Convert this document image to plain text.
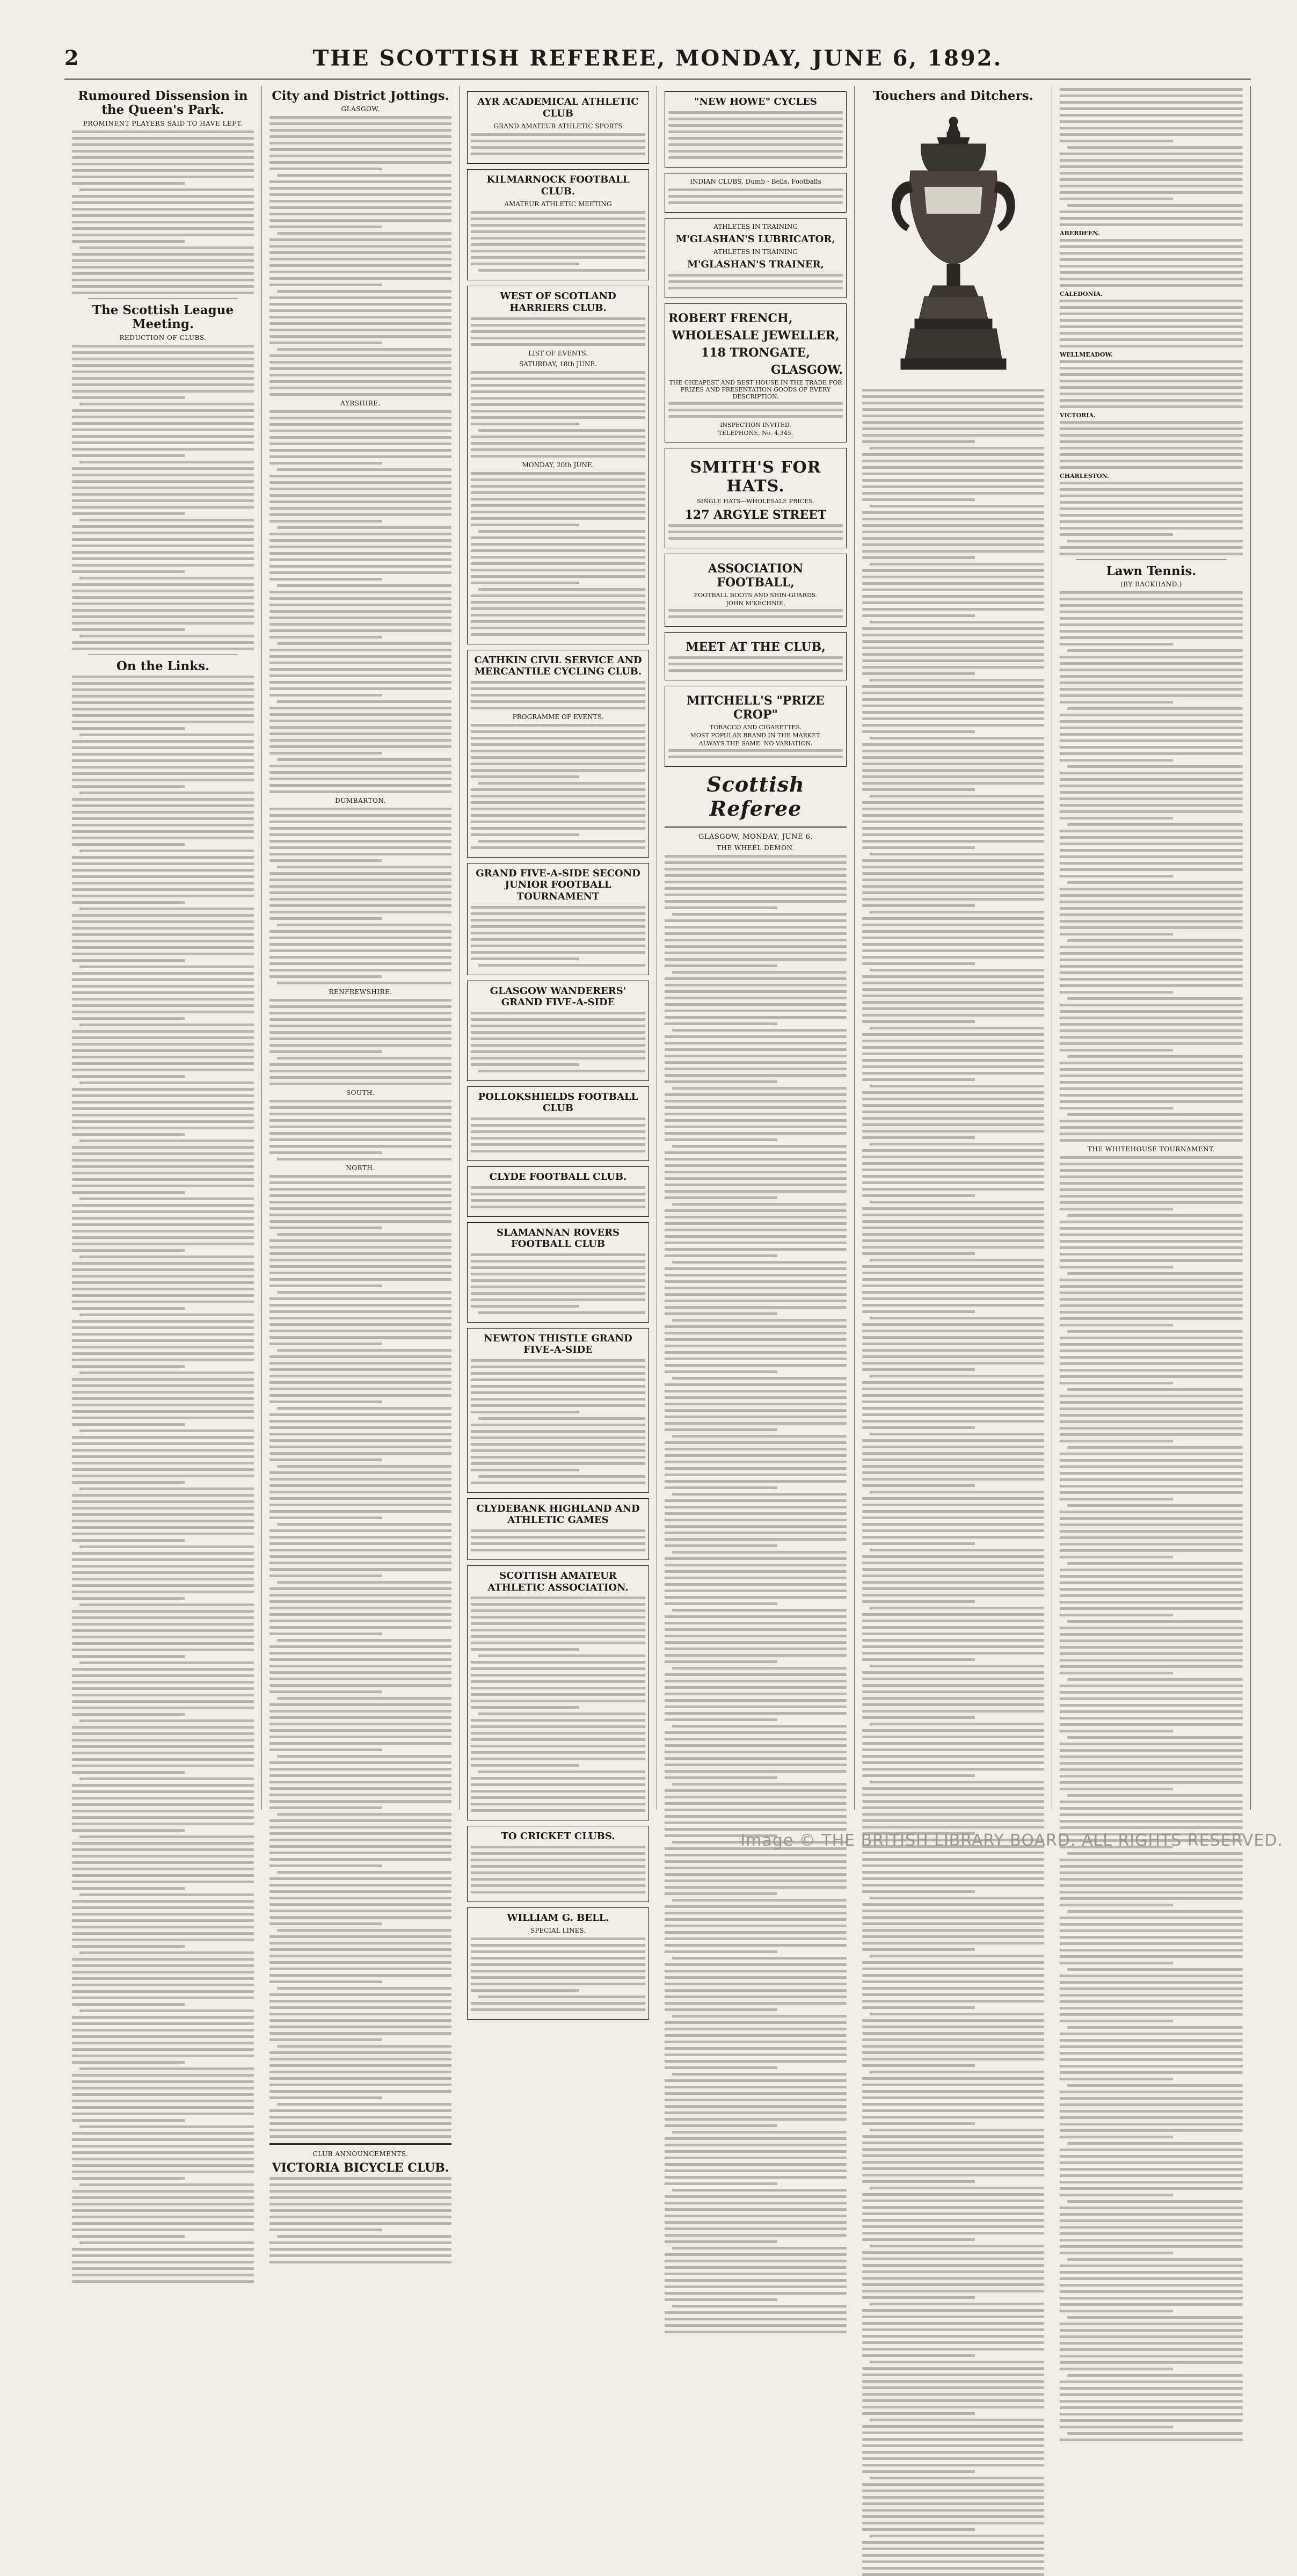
2	THE SCOTTISH REFEREE, MONDAY, JUNE 6, 1892.
Rumoured Dissension in the Queen's Park.
PROMINENT PLAYERS SAID TO HAVE LEFT.
The Scottish League Meeting.
REDUCTION OF CLUBS.
On the Links.
City and District Jottings.
GLASGOW.
AYRSHIRE.
DUMBARTON.
RENFREWSHIRE.
SOUTH.
NORTH.
CLUB ANNOUNCEMENTS.
VICTORIA BICYCLE CLUB.
AYR ACADEMICAL ATHLETIC CLUB
GRAND AMATEUR ATHLETIC SPORTS
KILMARNOCK FOOTBALL CLUB.
AMATEUR ATHLETIC MEETING
WEST OF SCOTLAND HARRIERS CLUB.
LIST OF EVENTS.
SATURDAY, 18th JUNE.
MONDAY, 20th JUNE.
CATHKIN CIVIL SERVICE AND MERCANTILE CYCLING CLUB.
PROGRAMME OF EVENTS.
GRAND FIVE-A-SIDE SECOND JUNIOR FOOTBALL TOURNAMENT
GLASGOW WANDERERS' GRAND FIVE-A-SIDE
POLLOKSHIELDS FOOTBALL CLUB
CLYDE FOOTBALL CLUB.
SLAMANNAN ROVERS FOOTBALL CLUB
NEWTON THISTLE GRAND FIVE-A-SIDE
CLYDEBANK HIGHLAND AND ATHLETIC GAMES
SCOTTISH AMATEUR ATHLETIC ASSOCIATION.
TO CRICKET CLUBS.
WILLIAM G. BELL.
SPECIAL LINES.
"NEW HOWE" CYCLES
INDIAN CLUBS, Dumb - Bells, Footballs
ATHLETES IN TRAINING
M'GLASHAN'S LUBRICATOR,
ATHLETES IN TRAINING
M'GLASHAN'S TRAINER,
ROBERT FRENCH,
WHOLESALE JEWELLER,
118 TRONGATE,
GLASGOW.
THE CHEAPEST AND BEST HOUSE IN THE TRADE FOR PRIZES AND PRESENTATION GOODS OF EVERY DESCRIPTION.
INSPECTION INVITED.
TELEPHONE, No. 4,345.
SMITH'S FOR HATS.
SINGLE HATS—WHOLESALE PRICES.
127 ARGYLE STREET
ASSOCIATION FOOTBALL,
FOOTBALL BOOTS AND SHIN-GUARDS.
JOHN M'KECHNIE,
MEET AT THE CLUB,
MITCHELL'S "PRIZE CROP"
TOBACCO AND CIGARETTES.
MOST POPULAR BRAND IN THE MARKET.
ALWAYS THE SAME. NO VARIATION.
Scottish Referee
GLASGOW, MONDAY, JUNE 6.
THE WHEEL DEMON.
Touchers and Ditchers.
ABERDEEN.
CALEDONIA.
WELLMEADOW.
VICTORIA.
CHARLESTON.
Lawn Tennis.
(BY BACKHAND.)
THE WHITEHOUSE TOURNAMENT.
Image © THE BRITISH LIBRARY BOARD. ALL RIGHTS RESERVED.
